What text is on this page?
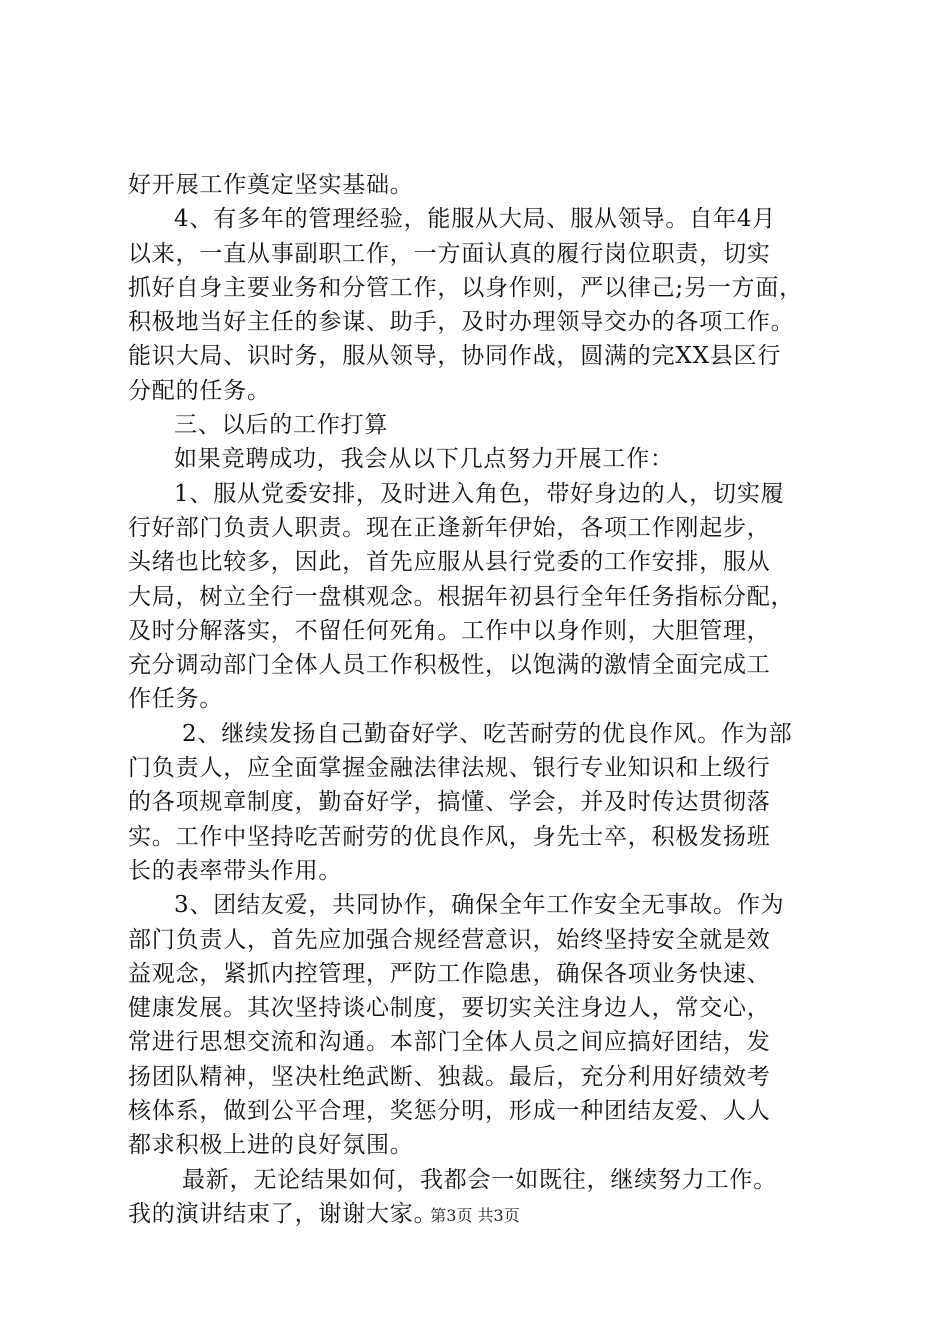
好开展工作奠定坚实基础。
4、有多年的管理经验，能服从大局、服从领导。自年4月
以来，一直从事副职工作，一方面认真的履行岗位职责，切实
抓好自身主要业务和分管工作，以身作则，严以律己;另一方面，
积极地当好主任的参谋、助手，及时办理领导交办的各项工作。
能识大局、识时务，服从领导，协同作战，圆满的完XX县区行
分配的任务。
三、以后的工作打算
如果竞聘成功，我会从以下几点努力开展工作：
1、服从党委安排，及时进入角色，带好身边的人，切实履
行好部门负责人职责。现在正逢新年伊始，各项工作刚起步，
头绪也比较多，因此，首先应服从县行党委的工作安排，服从
大局，树立全行一盘棋观念。根据年初县行全年任务指标分配，
及时分解落实，不留任何死角。工作中以身作则，大胆管理，
充分调动部门全体人员工作积极性，以饱满的激情全面完成工
作任务。
2、继续发扬自己勤奋好学、吃苦耐劳的优良作风。作为部
门负责人，应全面掌握金融法律法规、银行专业知识和上级行
的各项规章制度，勤奋好学，搞懂、学会，并及时传达贯彻落
实。工作中坚持吃苦耐劳的优良作风，身先士卒，积极发扬班
长的表率带头作用。
3、团结友爱，共同协作，确保全年工作安全无事故。作为
部门负责人，首先应加强合规经营意识，始终坚持安全就是效
益观念，紧抓内控管理，严防工作隐患，确保各项业务快速、
健康发展。其次坚持谈心制度，要切实关注身边人，常交心，
常进行思想交流和沟通。本部门全体人员之间应搞好团结，发
扬团队精神，坚决杜绝武断、独裁。最后，充分利用好绩效考
核体系，做到公平合理，奖惩分明，形成一种团结友爱、人人
都求积极上进的良好氛围。
最新，无论结果如何，我都会一如既往，继续努力工作。
我的演讲结束了，谢谢大家。
第3页 共3页
